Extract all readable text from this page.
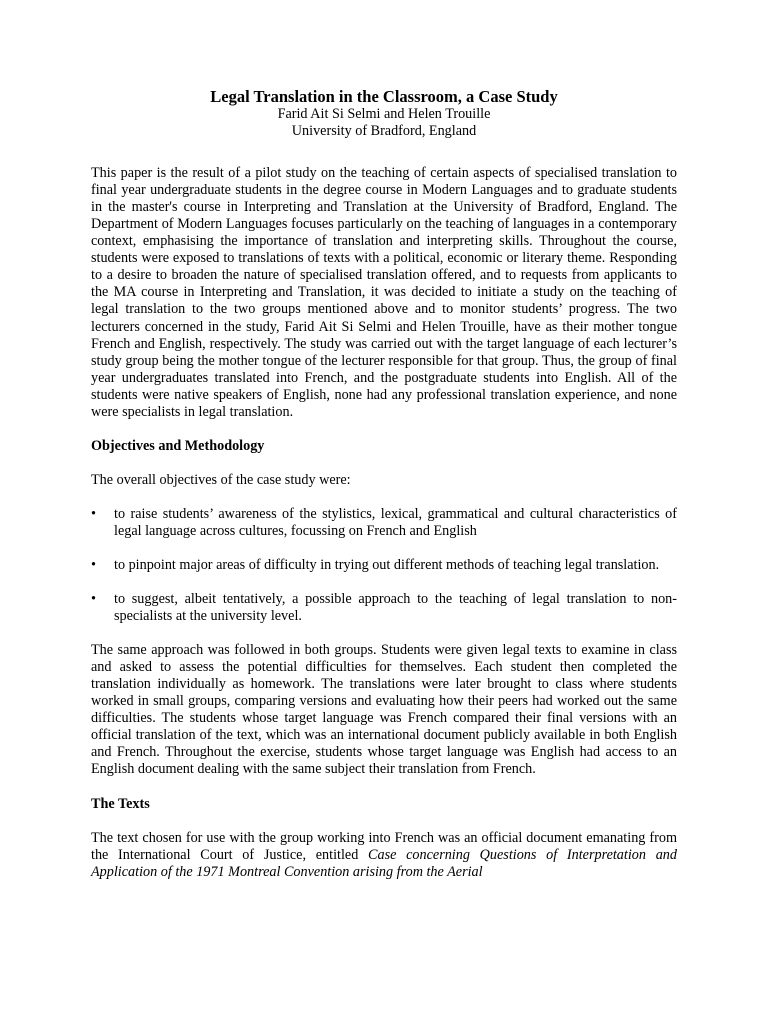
Legal Translation in the Classroom, a Case Study
Farid Ait Si Selmi and Helen Trouille
University of Bradford, England

This paper is the result of a pilot study on the teaching of certain aspects of specialised translation to final year undergraduate students in the degree course in Modern Languages and to graduate students in the master's course in Interpreting and Translation at the University of Bradford, England. The Department of Modern Languages focuses particularly on the teaching of languages in a contemporary context, emphasising the importance of translation and interpreting skills. Throughout the course, students were exposed to translations of texts with a political, economic or literary theme. Responding to a desire to broaden the nature of specialised translation offered, and to requests from applicants to the MA course in Interpreting and Translation, it was decided to initiate a study on the teaching of legal translation to the two groups mentioned above and to monitor students’ progress. The two lecturers concerned in the study, Farid Ait Si Selmi and Helen Trouille, have as their mother tongue French and English, respectively. The study was carried out with the target language of each lecturer’s study group being the mother tongue of the lecturer responsible for that group. Thus, the group of final year undergraduates translated into French, and the postgraduate students into English. All of the students were native speakers of English, none had any professional translation experience, and none were specialists in legal translation.

Objectives and Methodology

The overall objectives of the case study were:

•	to raise students’ awareness of the stylistics, lexical, grammatical and cultural characteristics of legal language across cultures, focussing on French and English
•	to pinpoint major areas of difficulty in trying out different methods of teaching legal translation.
•	to suggest, albeit tentatively, a possible approach to the teaching of legal translation to non-specialists at the university level.

The same approach was followed in both groups. Students were given legal texts to examine in class and asked to assess the potential difficulties for themselves. Each student then completed the translation individually as homework. The translations were later brought to class where students worked in small groups, comparing versions and evaluating how their peers had worked out the same difficulties. The students whose target language was French compared their final versions with an official translation of the text, which was an international document publicly available in both English and French. Throughout the exercise, students whose target language was English had access to an English document dealing with the same subject their translation from French.

The Texts

The text chosen for use with the group working into French was an official document emanating from the International Court of Justice, entitled Case concerning Questions of Interpretation and Application of the 1971 Montreal Convention arising from the Aerial
